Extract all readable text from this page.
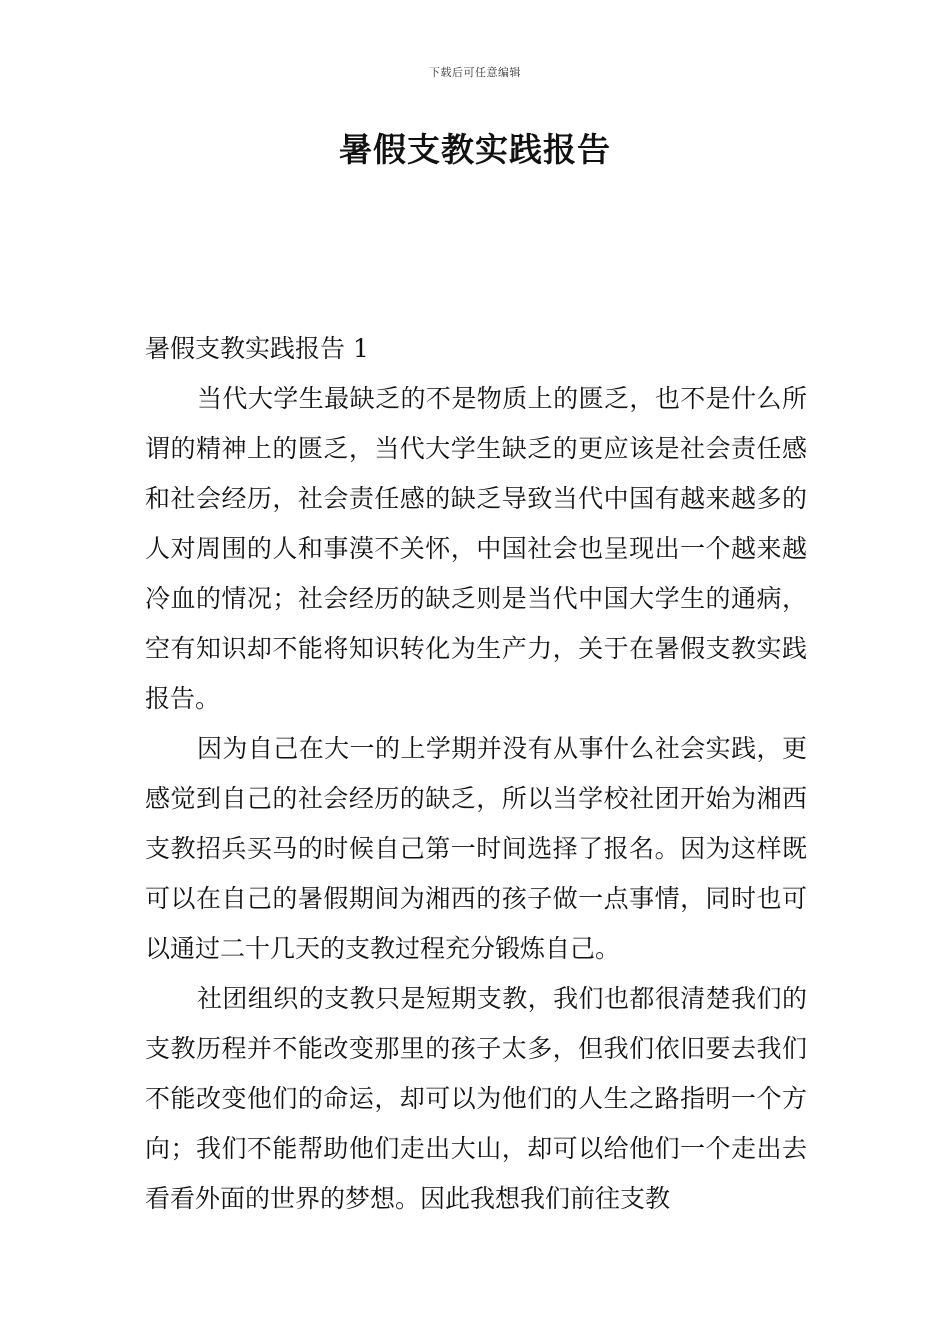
下载后可任意编辑
暑假支教实践报告

暑假支教实践报告 1

当代大学生最缺乏的不是物质上的匮乏，也不是什么所谓的精神上的匮乏，当代大学生缺乏的更应该是社会责任感和社会经历，社会责任感的缺乏导致当代中国有越来越多的人对周围的人和事漠不关怀，中国社会也呈现出一个越来越冷血的情况；社会经历的缺乏则是当代中国大学生的通病，空有知识却不能将知识转化为生产力，关于在暑假支教实践报告。

因为自己在大一的上学期并没有从事什么社会实践，更感觉到自己的社会经历的缺乏，所以当学校社团开始为湘西支教招兵买马的时候自己第一时间选择了报名。因为这样既可以在自己的暑假期间为湘西的孩子做一点事情，同时也可以通过二十几天的支教过程充分锻炼自己。

社团组织的支教只是短期支教，我们也都很清楚我们的支教历程并不能改变那里的孩子太多，但我们依旧要去我们不能改变他们的命运，却可以为他们的人生之路指明一个方向；我们不能帮助他们走出大山，却可以给他们一个走出去看看外面的世界的梦想。因此我想我们前往支教
